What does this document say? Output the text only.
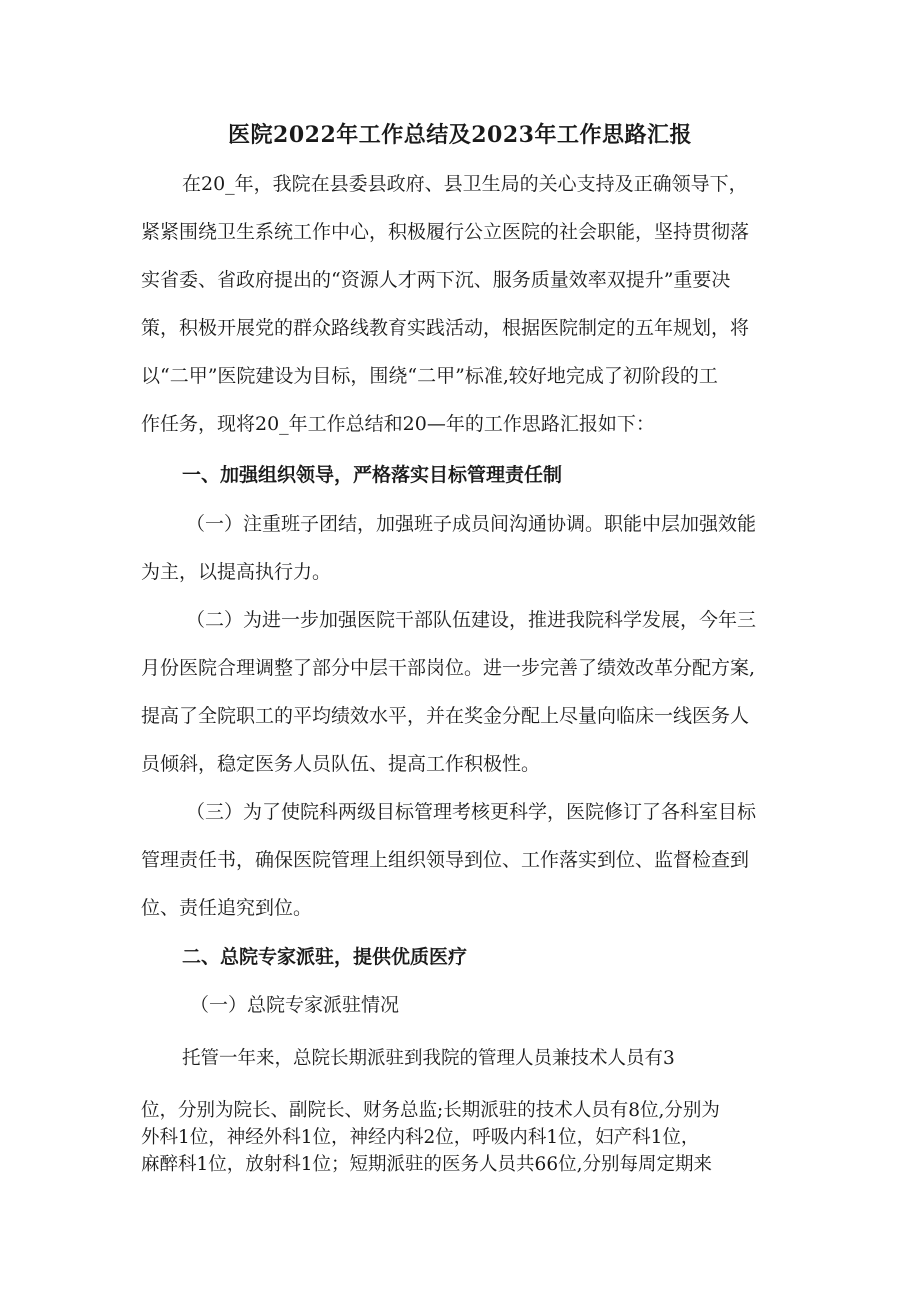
医院2022年工作总结及2023年工作思路汇报
在20_年，我院在县委县政府、县卫生局的关心支持及正确领导下，
紧紧围绕卫生系统工作中心，积极履行公立医院的社会职能，坚持贯彻落
实省委、省政府提出的“资源人才两下沉、服务质量效率双提升”重要决
策，积极开展党的群众路线教育实践活动，根据医院制定的五年规划，将
以“二甲”医院建设为目标，围绕“二甲”标准,较好地完成了初阶段的工
作任务，现将20_年工作总结和20—年的工作思路汇报如下：
一、加强组织领导，严格落实目标管理责任制
（一）注重班子团结，加强班子成员间沟通协调。职能中层加强效能
为主，以提高执行力。
（二）为进一步加强医院干部队伍建设，推进我院科学发展，今年三
月份医院合理调整了部分中层干部岗位。进一步完善了绩效改革分配方案,
提高了全院职工的平均绩效水平，并在奖金分配上尽量向临床一线医务人
员倾斜，稳定医务人员队伍、提高工作积极性。
（三）为了使院科两级目标管理考核更科学，医院修订了各科室目标
管理责任书，确保医院管理上组织领导到位、工作落实到位、监督检查到
位、责任追究到位。
二、总院专家派驻，提供优质医疗
（一）总院专家派驻情况
托管一年来，总院长期派驻到我院的管理人员兼技术人员有3
位，分别为院长、副院长、财务总监;长期派驻的技术人员有8位,分别为
外科1位，神经外科1位，神经内科2位，呼吸内科1位，妇产科1位，
麻醉科1位，放射科1位；短期派驻的医务人员共66位,分别每周定期来
